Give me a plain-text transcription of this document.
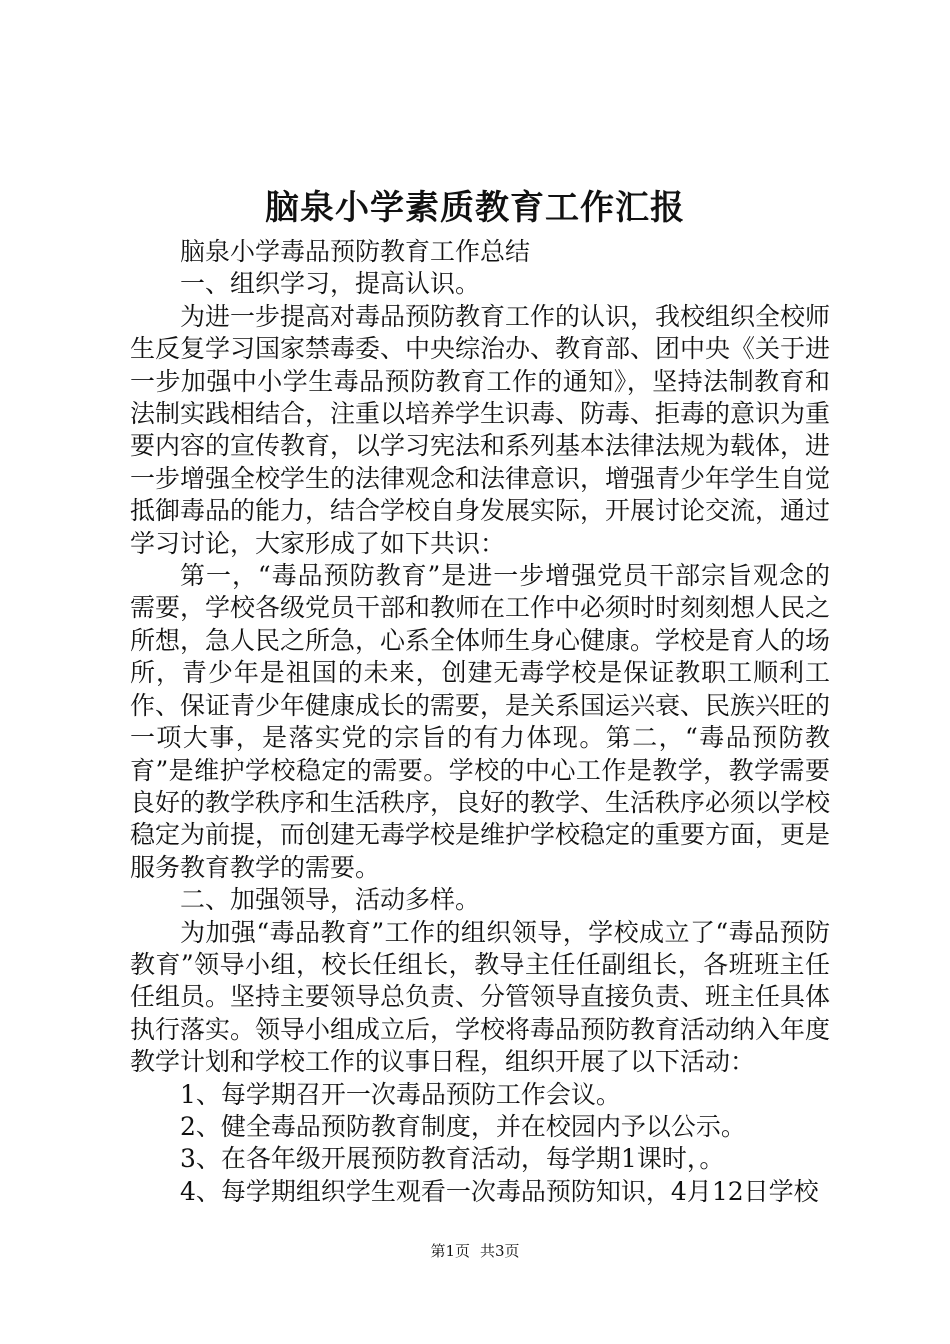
脑泉小学素质教育工作汇报

脑泉小学毒品预防教育工作总结

一、组织学习，提高认识。

为进一步提高对毒品预防教育工作的认识，我校组织全校师生反复学习国家禁毒委、中央综治办、教育部、团中央《关于进一步加强中小学生毒品预防教育工作的通知》，坚持法制教育和法制实践相结合，注重以培养学生识毒、防毒、拒毒的意识为重要内容的宣传教育，以学习宪法和系列基本法律法规为载体，进一步增强全校学生的法律观念和法律意识，增强青少年学生自觉抵御毒品的能力，结合学校自身发展实际，开展讨论交流，通过学习讨论，大家形成了如下共识：

第一，“毒品预防教育”是进一步增强党员干部宗旨观念的需要，学校各级党员干部和教师在工作中必须时时刻刻想人民之所想，急人民之所急，心系全体师生身心健康。学校是育人的场所，青少年是祖国的未来，创建无毒学校是保证教职工顺利工作、保证青少年健康成长的需要，是关系国运兴衰、民族兴旺的一项大事，是落实党的宗旨的有力体现。第二，“毒品预防教育”是维护学校稳定的需要。学校的中心工作是教学，教学需要良好的教学秩序和生活秩序，良好的教学、生活秩序必须以学校稳定为前提，而创建无毒学校是维护学校稳定的重要方面，更是服务教育教学的需要。

二、加强领导，活动多样。

为加强“毒品教育”工作的组织领导，学校成立了“毒品预防教育”领导小组，校长任组长，教导主任任副组长，各班班主任任组员。坚持主要领导总负责、分管领导直接负责、班主任具体执行落实。领导小组成立后，学校将毒品预防教育活动纳入年度教学计划和学校工作的议事日程，组织开展了以下活动：

1、每学期召开一次毒品预防工作会议。

2、健全毒品预防教育制度，并在校园内予以公示。

3、在各年级开展预防教育活动，每学期1课时，。

4、每学期组织学生观看一次毒品预防知识，4月12日学校

第1页 共3页
